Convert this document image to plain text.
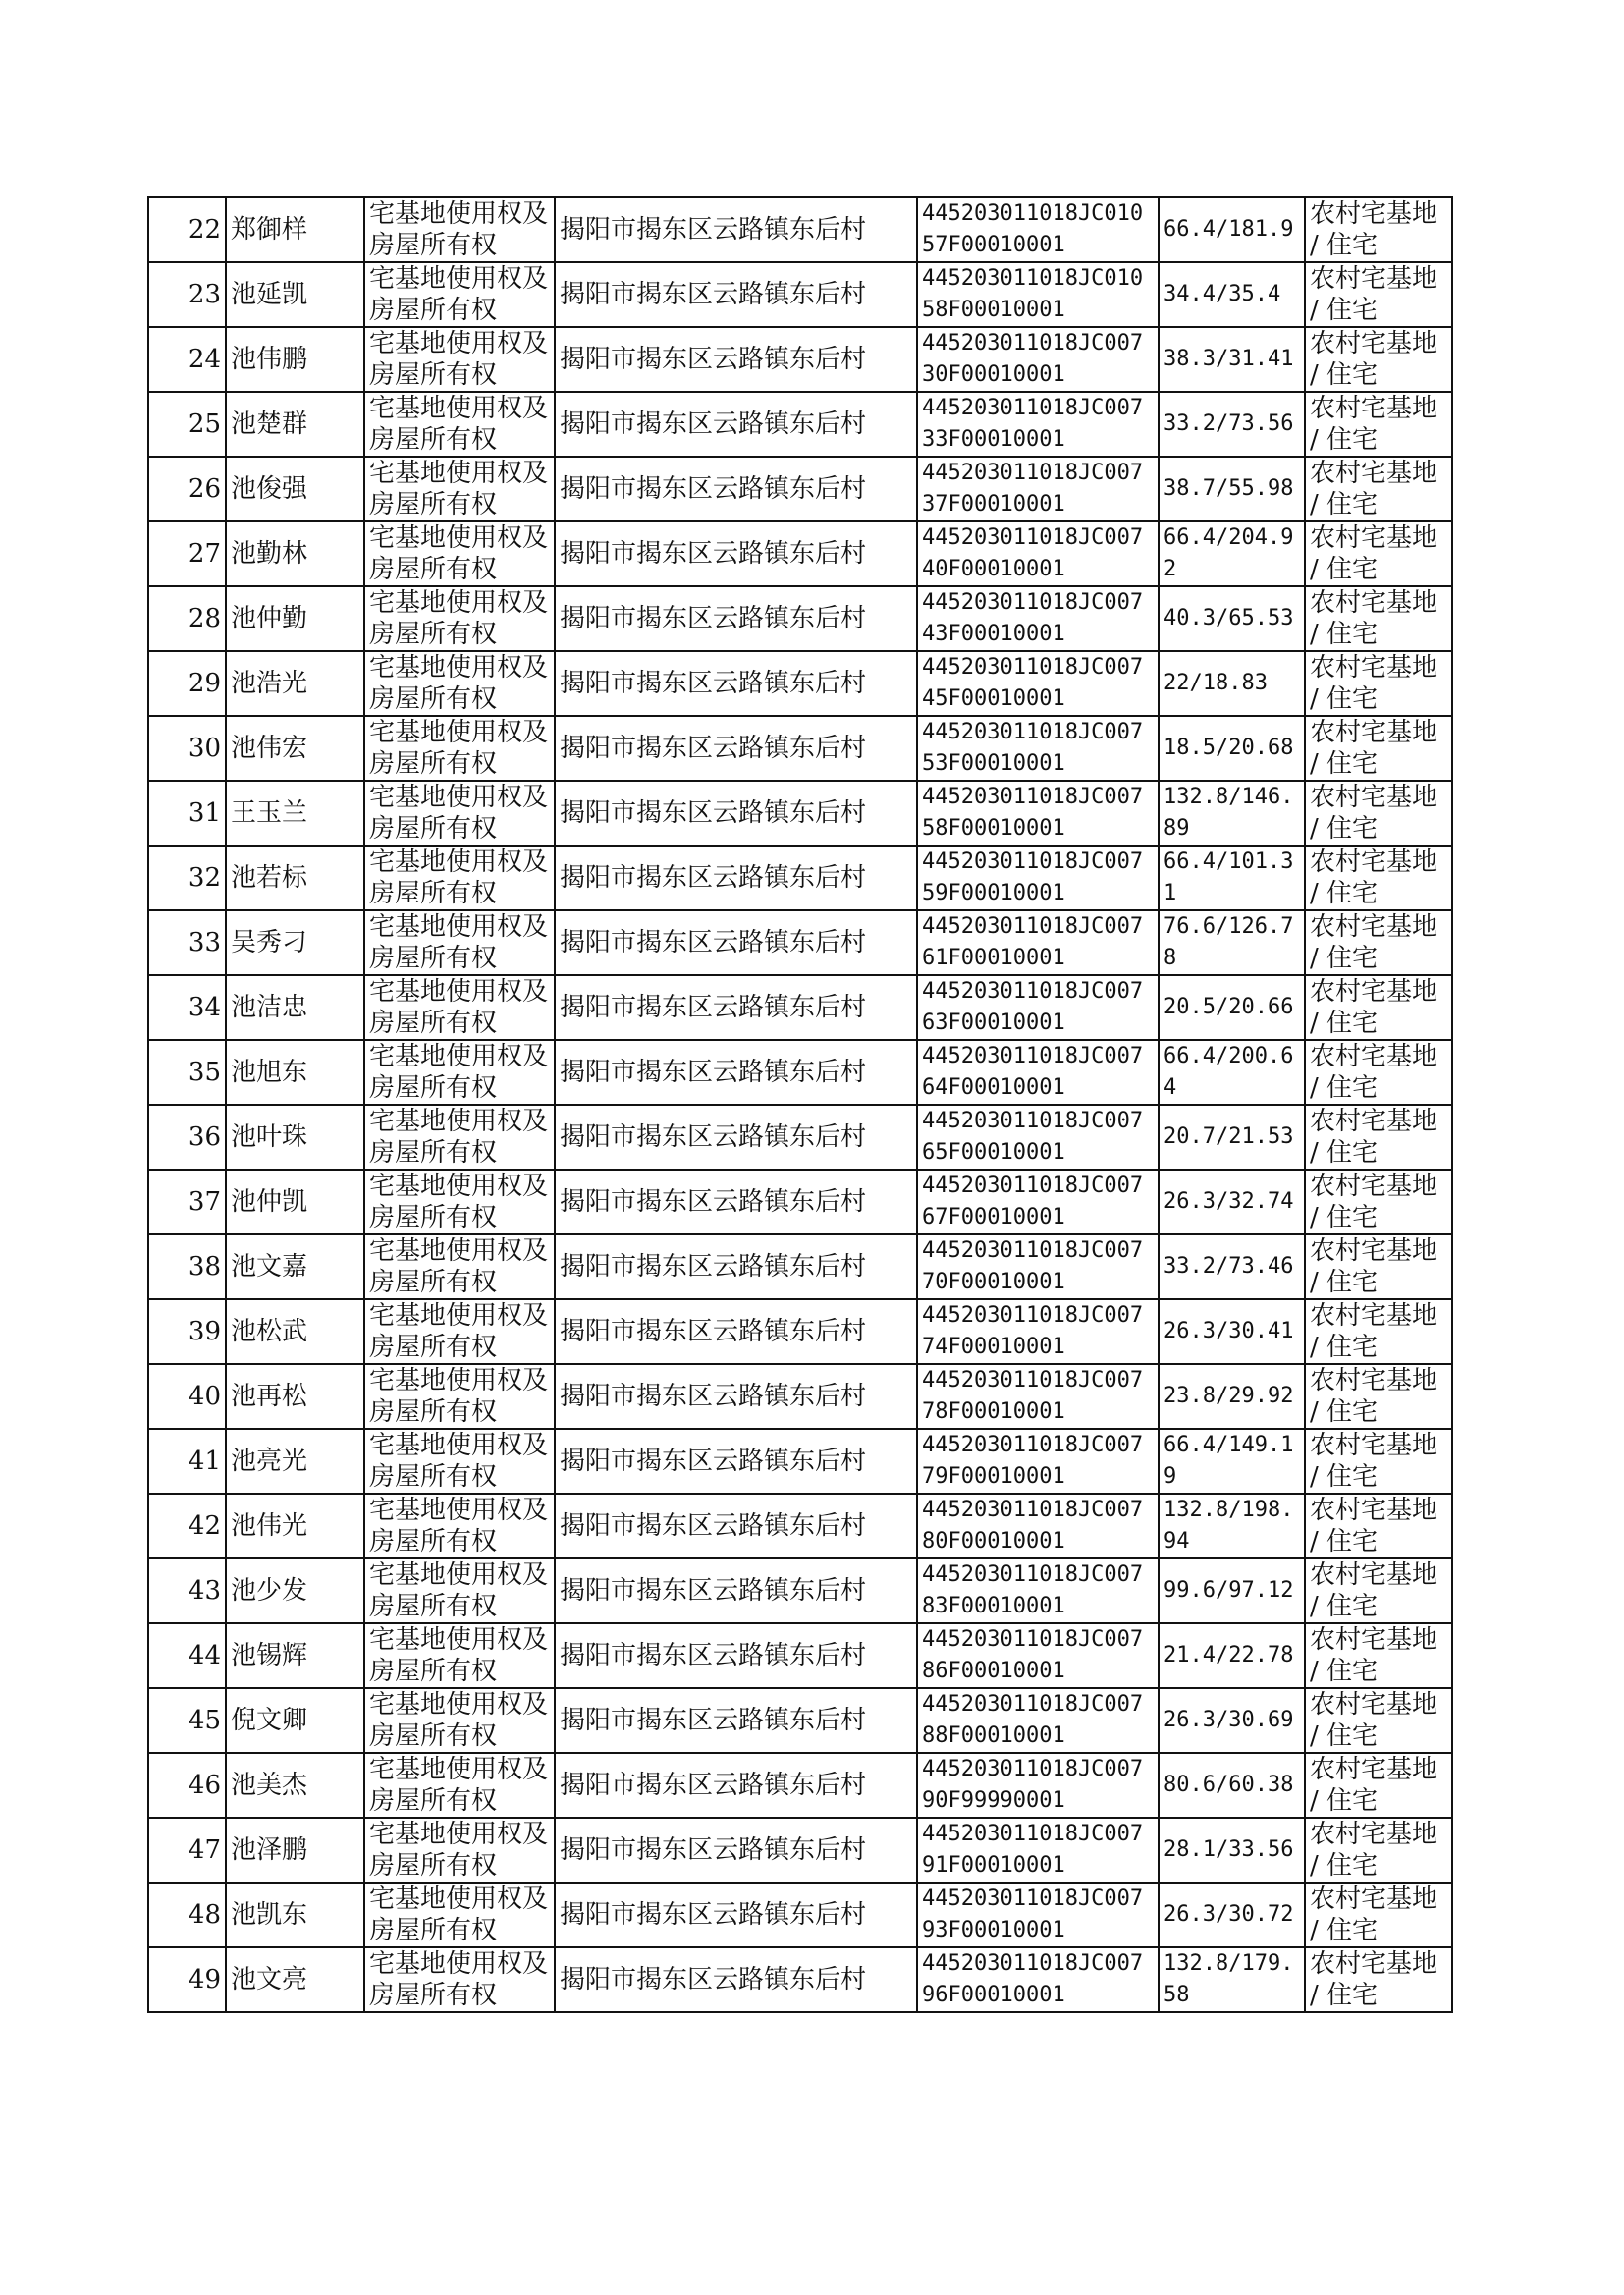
22	郑御样	宅基地使用权及房屋所有权	揭阳市揭东区云路镇东后村	445203011018JC01057F00010001	66.4/181.9	农村宅基地 / 住宅

23	池延凯	宅基地使用权及房屋所有权	揭阳市揭东区云路镇东后村	445203011018JC01058F00010001	34.4/35.4	农村宅基地 / 住宅

24	池伟鹏	宅基地使用权及房屋所有权	揭阳市揭东区云路镇东后村	445203011018JC00730F00010001	38.3/31.41	农村宅基地 / 住宅

25	池楚群	宅基地使用权及房屋所有权	揭阳市揭东区云路镇东后村	445203011018JC00733F00010001	33.2/73.56	农村宅基地 / 住宅

26	池俊强	宅基地使用权及房屋所有权	揭阳市揭东区云路镇东后村	445203011018JC00737F00010001	38.7/55.98	农村宅基地 / 住宅

27	池勤林	宅基地使用权及房屋所有权	揭阳市揭东区云路镇东后村	445203011018JC00740F00010001	66.4/204.92	农村宅基地 / 住宅

28	池仲勤	宅基地使用权及房屋所有权	揭阳市揭东区云路镇东后村	445203011018JC00743F00010001	40.3/65.53	农村宅基地 / 住宅

29	池浩光	宅基地使用权及房屋所有权	揭阳市揭东区云路镇东后村	445203011018JC00745F00010001	22/18.83	农村宅基地 / 住宅

30	池伟宏	宅基地使用权及房屋所有权	揭阳市揭东区云路镇东后村	445203011018JC00753F00010001	18.5/20.68	农村宅基地 / 住宅

31	王玉兰	宅基地使用权及房屋所有权	揭阳市揭东区云路镇东后村	445203011018JC00758F00010001	132.8/146.89	农村宅基地 / 住宅

32	池若标	宅基地使用权及房屋所有权	揭阳市揭东区云路镇东后村	445203011018JC00759F00010001	66.4/101.31	农村宅基地 / 住宅

33	吴秀刁	宅基地使用权及房屋所有权	揭阳市揭东区云路镇东后村	445203011018JC00761F00010001	76.6/126.78	农村宅基地 / 住宅

34	池洁忠	宅基地使用权及房屋所有权	揭阳市揭东区云路镇东后村	445203011018JC00763F00010001	20.5/20.66	农村宅基地 / 住宅

35	池旭东	宅基地使用权及房屋所有权	揭阳市揭东区云路镇东后村	445203011018JC00764F00010001	66.4/200.64	农村宅基地 / 住宅

36	池叶珠	宅基地使用权及房屋所有权	揭阳市揭东区云路镇东后村	445203011018JC00765F00010001	20.7/21.53	农村宅基地 / 住宅

37	池仲凯	宅基地使用权及房屋所有权	揭阳市揭东区云路镇东后村	445203011018JC00767F00010001	26.3/32.74	农村宅基地 / 住宅

38	池文嘉	宅基地使用权及房屋所有权	揭阳市揭东区云路镇东后村	445203011018JC00770F00010001	33.2/73.46	农村宅基地 / 住宅

39	池松武	宅基地使用权及房屋所有权	揭阳市揭东区云路镇东后村	445203011018JC00774F00010001	26.3/30.41	农村宅基地 / 住宅

40	池再松	宅基地使用权及房屋所有权	揭阳市揭东区云路镇东后村	445203011018JC00778F00010001	23.8/29.92	农村宅基地 / 住宅

41	池亮光	宅基地使用权及房屋所有权	揭阳市揭东区云路镇东后村	445203011018JC00779F00010001	66.4/149.19	农村宅基地 / 住宅

42	池伟光	宅基地使用权及房屋所有权	揭阳市揭东区云路镇东后村	445203011018JC00780F00010001	132.8/198.94	农村宅基地 / 住宅

43	池少发	宅基地使用权及房屋所有权	揭阳市揭东区云路镇东后村	445203011018JC00783F00010001	99.6/97.12	农村宅基地 / 住宅

44	池锡辉	宅基地使用权及房屋所有权	揭阳市揭东区云路镇东后村	445203011018JC00786F00010001	21.4/22.78	农村宅基地 / 住宅

45	倪文卿	宅基地使用权及房屋所有权	揭阳市揭东区云路镇东后村	445203011018JC00788F00010001	26.3/30.69	农村宅基地 / 住宅

46	池美杰	宅基地使用权及房屋所有权	揭阳市揭东区云路镇东后村	445203011018JC00790F99990001	80.6/60.38	农村宅基地 / 住宅

47	池泽鹏	宅基地使用权及房屋所有权	揭阳市揭东区云路镇东后村	445203011018JC00791F00010001	28.1/33.56	农村宅基地 / 住宅

48	池凯东	宅基地使用权及房屋所有权	揭阳市揭东区云路镇东后村	445203011018JC00793F00010001	26.3/30.72	农村宅基地 / 住宅

49	池文亮	宅基地使用权及房屋所有权	揭阳市揭东区云路镇东后村	445203011018JC00796F00010001	132.8/179.58	农村宅基地 / 住宅
